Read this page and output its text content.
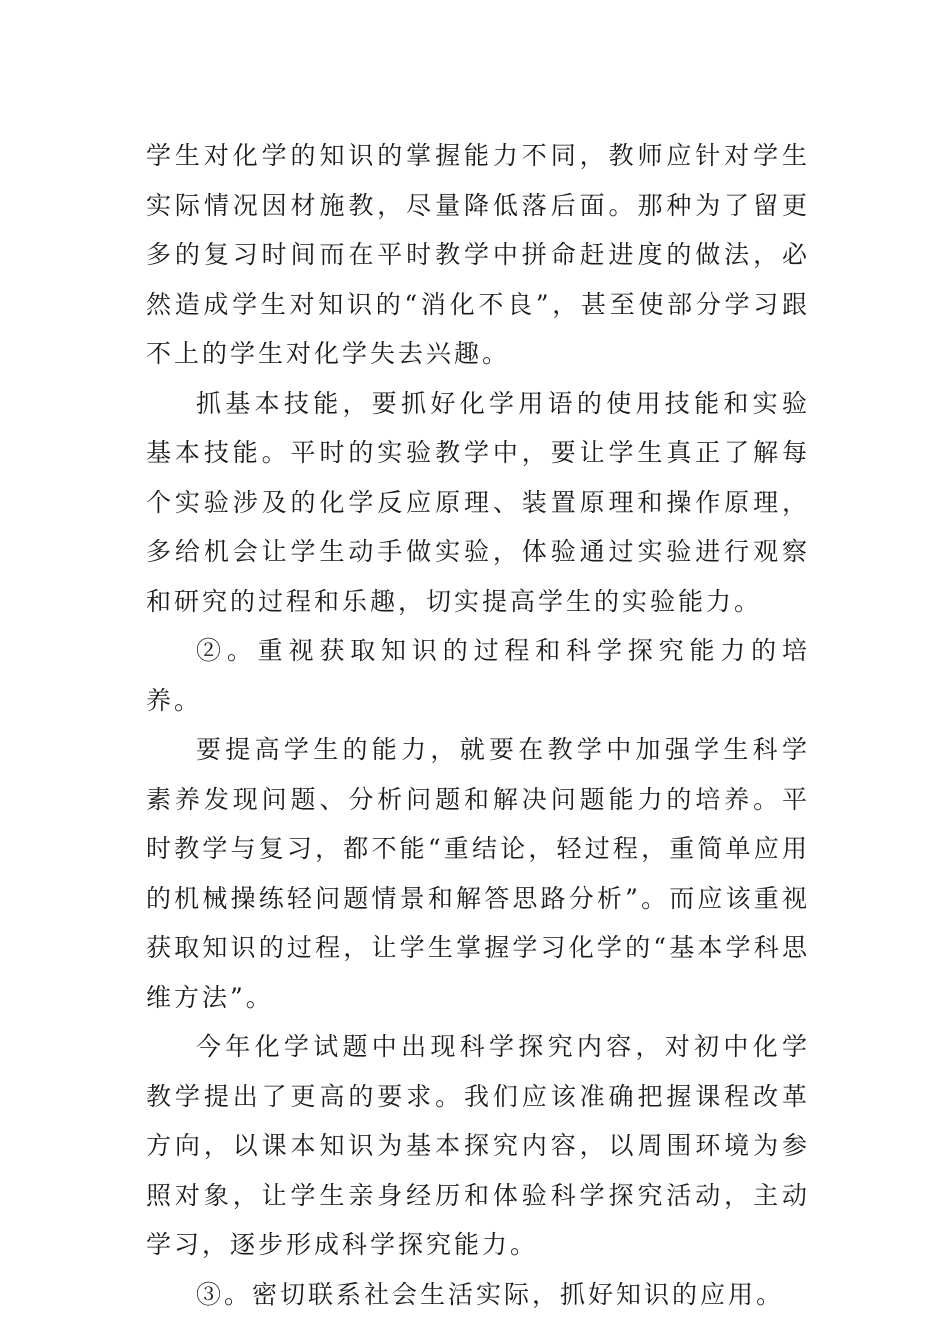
学生对化学的知识的掌握能力不同，教师应针对学生实际情况因材施教，尽量降低落后面。那种为了留更多的复习时间而在平时教学中拼命赶进度的做法，必然造成学生对知识的“消化不良”，甚至使部分学习跟不上的学生对化学失去兴趣。

抓基本技能，要抓好化学用语的使用技能和实验基本技能。平时的实验教学中，要让学生真正了解每个实验涉及的化学反应原理、装置原理和操作原理，多给机会让学生动手做实验，体验通过实验进行观察和研究的过程和乐趣，切实提高学生的实验能力。

②。重视获取知识的过程和科学探究能力的培养。

要提高学生的能力，就要在教学中加强学生科学素养发现问题、分析问题和解决问题能力的培养。平时教学与复习，都不能“重结论，轻过程，重简单应用的机械操练轻问题情景和解答思路分析”。而应该重视获取知识的过程，让学生掌握学习化学的“基本学科思维方法”。

今年化学试题中出现科学探究内容，对初中化学教学提出了更高的要求。我们应该准确把握课程改革方向，以课本知识为基本探究内容，以周围环境为参照对象，让学生亲身经历和体验科学探究活动，主动学习，逐步形成科学探究能力。

③。密切联系社会生活实际，抓好知识的应用。
